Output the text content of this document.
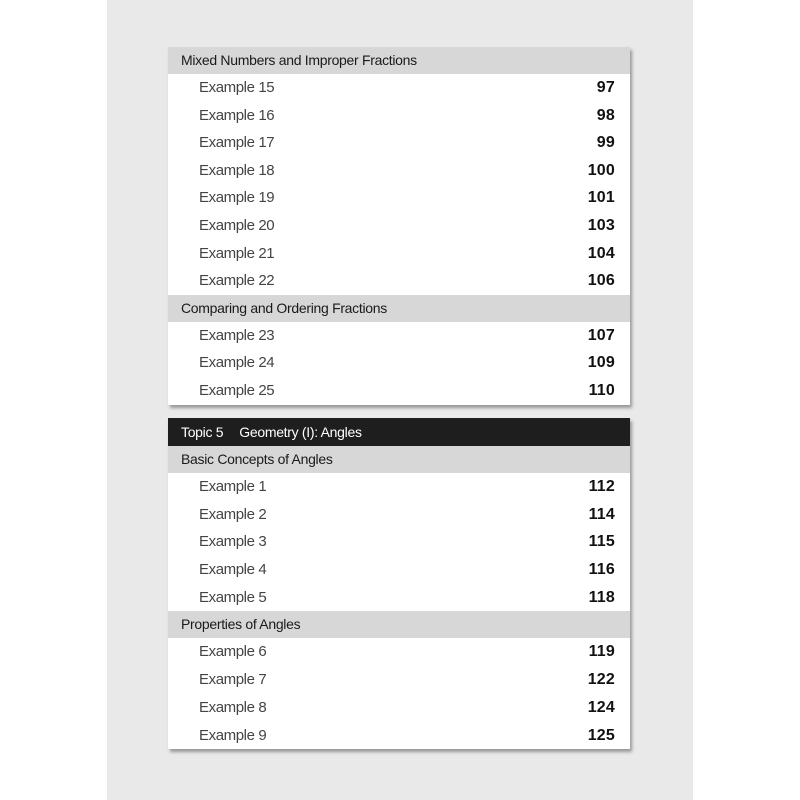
Mixed Numbers and Improper Fractions
Example 15	97
Example 16	98
Example 17	99
Example 18	100
Example 19	101
Example 20	103
Example 21	104
Example 22	106
Comparing and Ordering Fractions
Example 23	107
Example 24	109
Example 25	110
Topic 5 Geometry (I): Angles
Basic Concepts of Angles
Example 1	112
Example 2	114
Example 3	115
Example 4	116
Example 5	118
Properties of Angles
Example 6	119
Example 7	122
Example 8	124
Example 9	125
